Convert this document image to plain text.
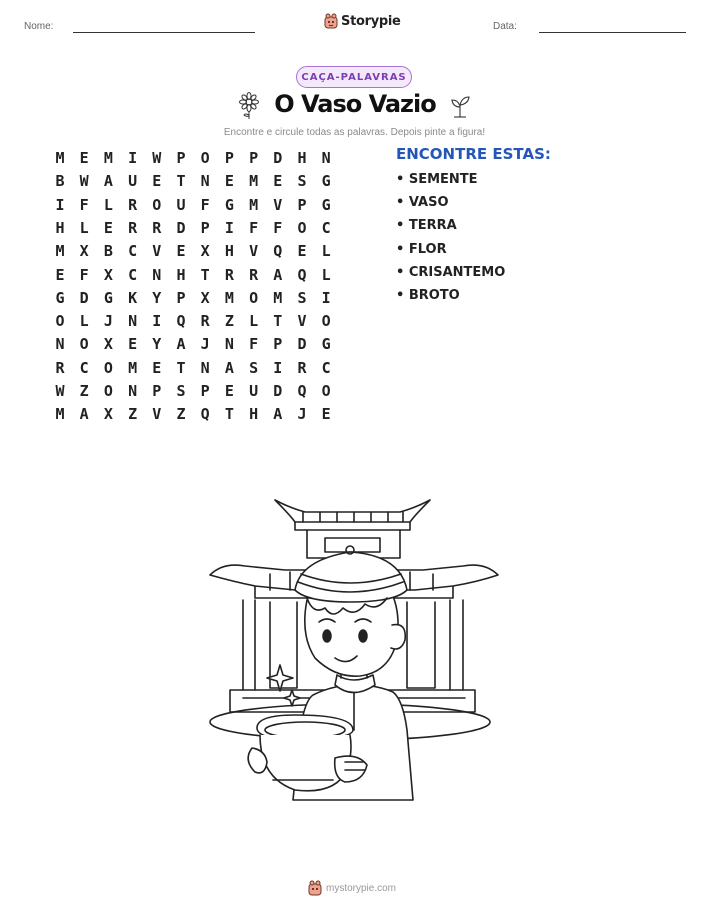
Nome:	Storypie	Data:
CAÇA-PALAVRAS
O Vaso Vazio
Encontre e circule todas as palavras. Depois pinte a figura!
M	E	M	I	W	P	O	P	P	D	H	N
B	W	A	U	E	T	N	E	M	E	S	G
I	F	L	R	O	U	F	G	M	V	P	G
H	L	E	R	R	D	P	I	F	F	O	C
M	X	B	C	V	E	X	H	V	Q	E	L
E	F	X	C	N	H	T	R	R	A	Q	L
G	D	G	K	Y	P	X	M	O	M	S	I
O	L	J	N	I	Q	R	Z	L	T	V	O
N	O	X	E	Y	A	J	N	F	P	D	G
R	C	O	M	E	T	N	A	S	I	R	C
W	Z	O	N	P	S	P	E	U	D	Q	O
M	A	X	Z	V	Z	Q	T	H	A	J	E
ENCONTRE ESTAS:
• SEMENTE
• VASO
• TERRA
• FLOR
• CRISANTEMO
• BROTO
mystorypie.com
